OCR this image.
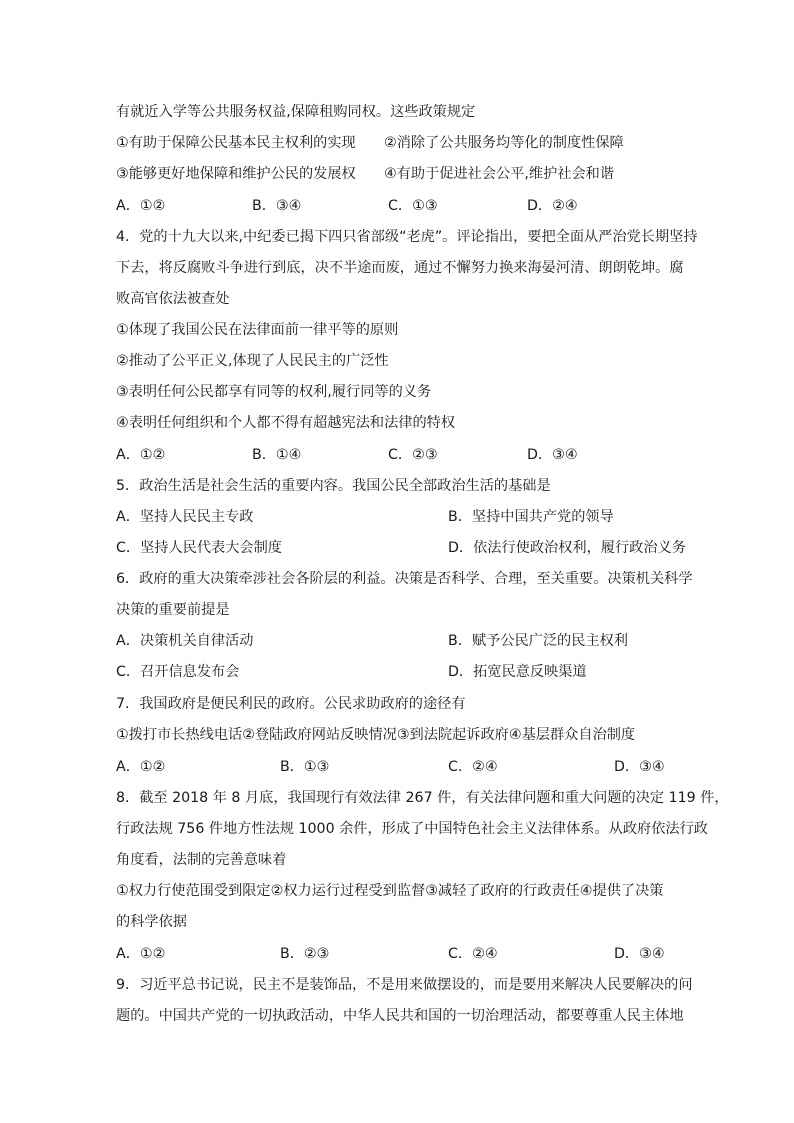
有就近入学等公共服务权益,保障租购同权。这些政策规定
①有助于保障公民基本民主权利的实现 ②消除了公共服务均等化的制度性保障
③能够更好地保障和维护公民的发展权 ④有助于促进社会公平,维护社会和谐
A．①②	B．③④	C．①③	D．②④
4．党的十九大以来,中纪委已揭下四只省部级“老虎”。评论指出，要把全面从严治党长期坚持
下去，将反腐败斗争进行到底，决不半途而废，通过不懈努力换来海晏河清、朗朗乾坤。腐
败高官依法被查处
①体现了我国公民在法律面前一律平等的原则
②推动了公平正义,体现了人民民主的广泛性
③表明任何公民都享有同等的权利,履行同等的义务
④表明任何组织和个人都不得有超越宪法和法律的特权
A．①②	B．①④	C．②③	D．③④
5．政治生活是社会生活的重要内容。我国公民全部政治生活的基础是
A．坚持人民民主专政	B．坚持中国共产党的领导
C．坚持人民代表大会制度	D．依法行使政治权利，履行政治义务
6．政府的重大决策牵涉社会各阶层的利益。决策是否科学、合理，至关重要。决策机关科学
决策的重要前提是
A．决策机关自律活动	B．赋予公民广泛的民主权利
C．召开信息发布会	D．拓宽民意反映渠道
7．我国政府是便民利民的政府。公民求助政府的途径有
①拨打市长热线电话②登陆政府网站反映情况③到法院起诉政府④基层群众自治制度
A．①②	B．①③	C．②④	D．③④
8．截至 2018 年 8 月底，我国现行有效法律 267 件，有关法律问题和重大问题的决定 119 件，
行政法规 756 件地方性法规 1000 余件，形成了中国特色社会主义法律体系。从政府依法行政
角度看，法制的完善意味着
①权力行使范围受到限定②权力运行过程受到监督③减轻了政府的行政责任④提供了决策
的科学依据
A．①②	B．②③	C．②④	D．③④
9．习近平总书记说，民主不是装饰品，不是用来做摆设的，而是要用来解决人民要解决的问
题的。中国共产党的一切执政活动，中华人民共和国的一切治理活动，都要尊重人民主体地
